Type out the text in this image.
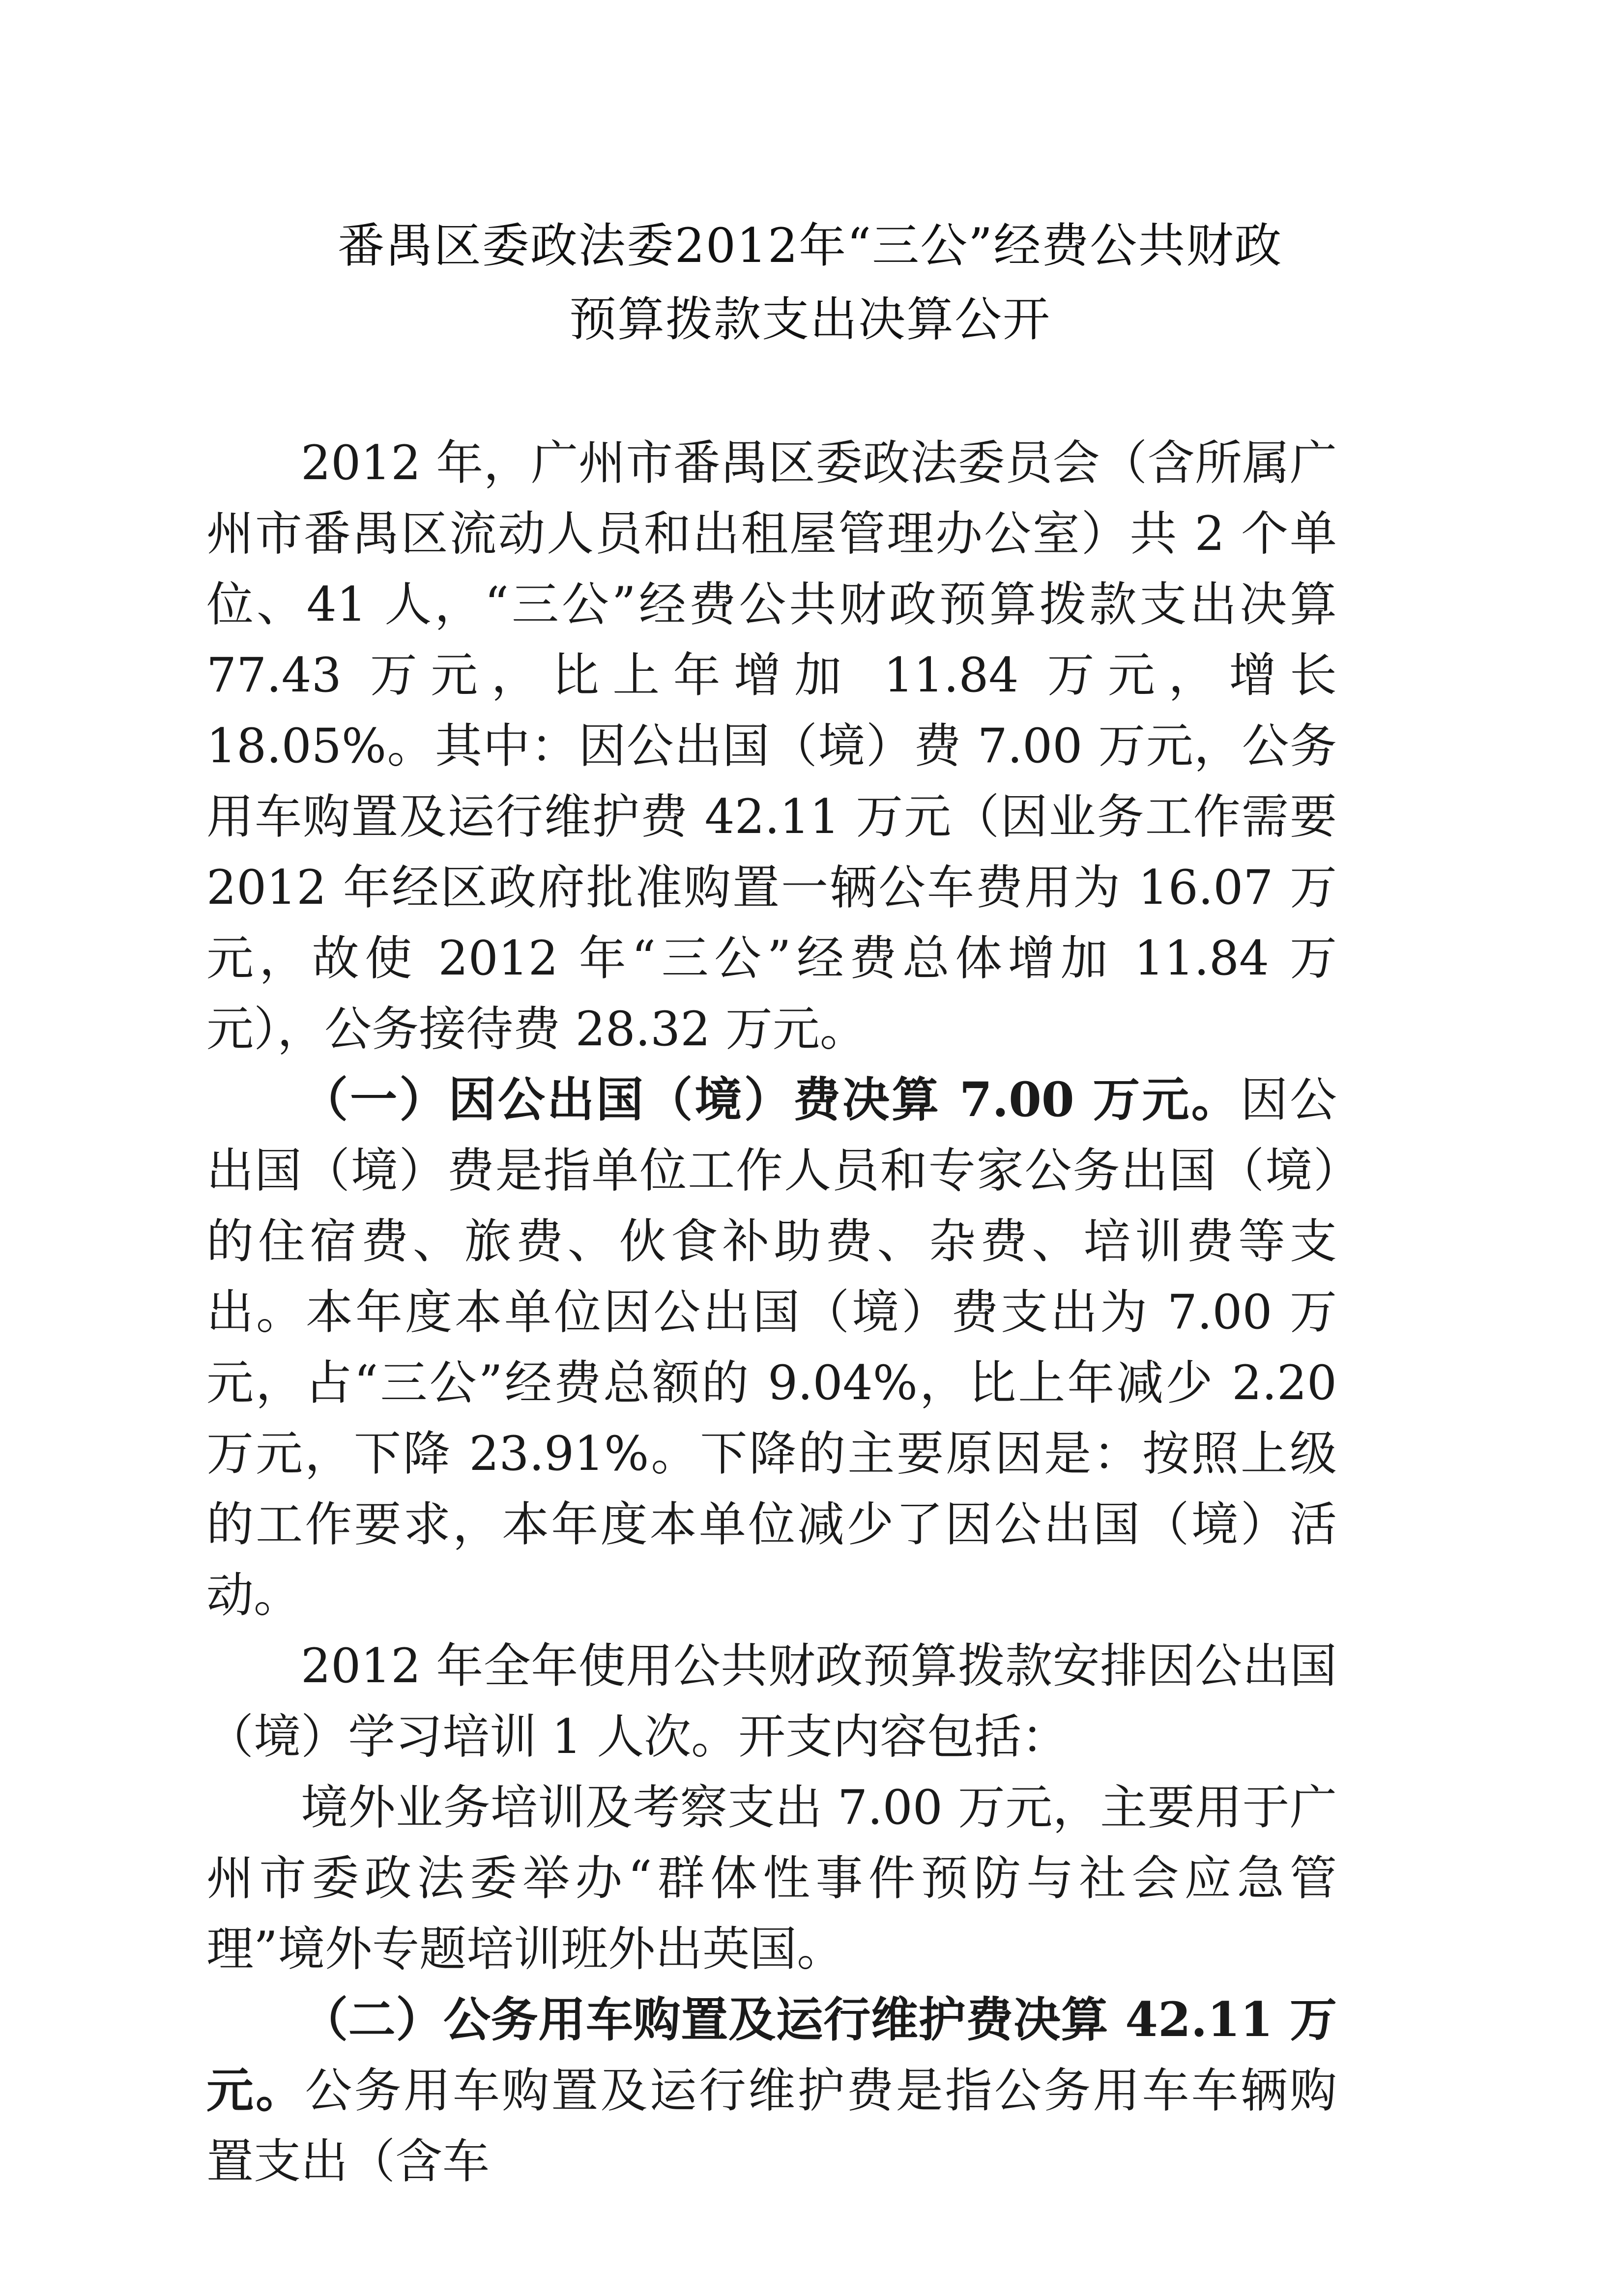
番禺区委政法委2012年“三公”经费公共财政
预算拨款支出决算公开

2012 年，广州市番禺区委政法委员会（含所属广州市番禺区流动人员和出租屋管理办公室）共 2 个单位、41 人，“三公”经费公共财政预算拨款支出决算 77.43 万元，比上年增加 11.84 万元，增长 18.05%。其中：因公出国（境）费 7.00 万元，公务用车购置及运行维护费 42.11 万元（因业务工作需要 2012 年经区政府批准购置一辆公车费用为 16.07 万元，故使 2012 年“三公”经费总体增加 11.84 万元），公务接待费 28.32 万元。

（一）因公出国（境）费决算 7.00 万元。因公出国（境）费是指单位工作人员和专家公务出国（境）的住宿费、旅费、伙食补助费、杂费、培训费等支出。本年度本单位因公出国（境）费支出为 7.00 万元，占“三公”经费总额的 9.04%，比上年减少 2.20 万元，下降 23.91%。下降的主要原因是：按照上级的工作要求，本年度本单位减少了因公出国（境）活动。

2012 年全年使用公共财政预算拨款安排因公出国（境）学习培训 1 人次。开支内容包括：

境外业务培训及考察支出 7.00 万元，主要用于广州市委政法委举办“群体性事件预防与社会应急管理”境外专题培训班外出英国。

（二）公务用车购置及运行维护费决算 42.11 万元。公务用车购置及运行维护费是指公务用车车辆购置支出（含车
